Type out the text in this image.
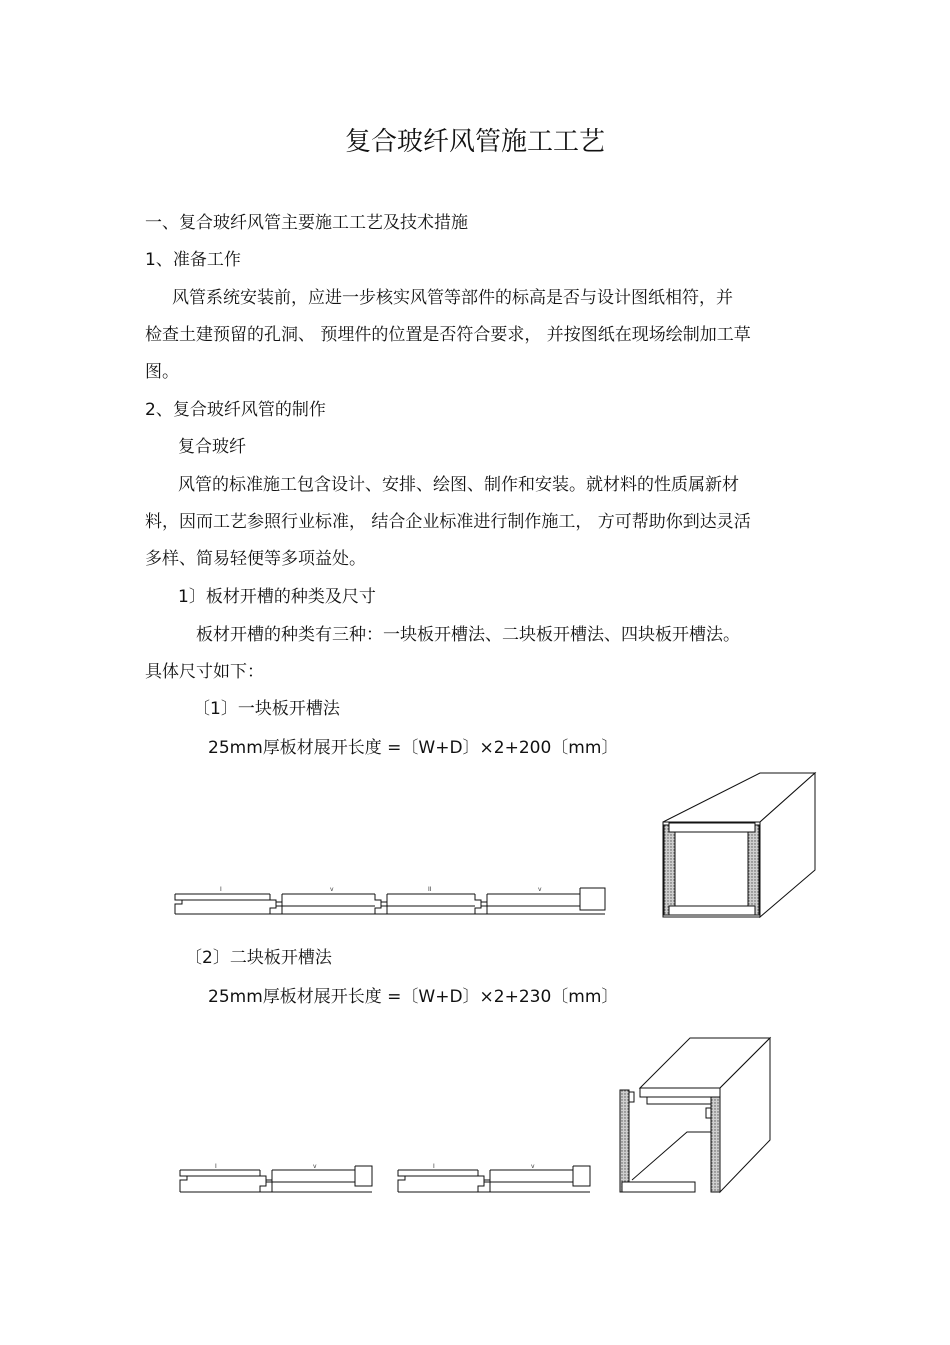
复合玻纤风管施工工艺
一、复合玻纤风管主要施工工艺及技术措施
1、准备工作
风管系统安装前，应进一步核实风管等部件的标高是否与设计图纸相符，并
检查土建预留的孔洞、 预埋件的位置是否符合要求， 并按图纸在现场绘制加工草
图。
2、复合玻纤风管的制作
复合玻纤
风管的标准施工包含设计、安排、绘图、制作和安装。就材料的性质属新材
料，因而工艺参照行业标准， 结合企业标准进行制作施工， 方可帮助你到达灵活
多样、简易轻便等多项益处。
1〕板材开槽的种类及尺寸
板材开槽的种类有三种：一块板开槽法、二块板开槽法、四块板开槽法。
具体尺寸如下：
〔1〕一块板开槽法
25mm厚板材展开长度 =〔W+D〕×2+200〔mm〕
〔2〕二块板开槽法
25mm厚板材展开长度 =〔W+D〕×2+230〔mm〕
I	v	II	v
I	v	I	v
